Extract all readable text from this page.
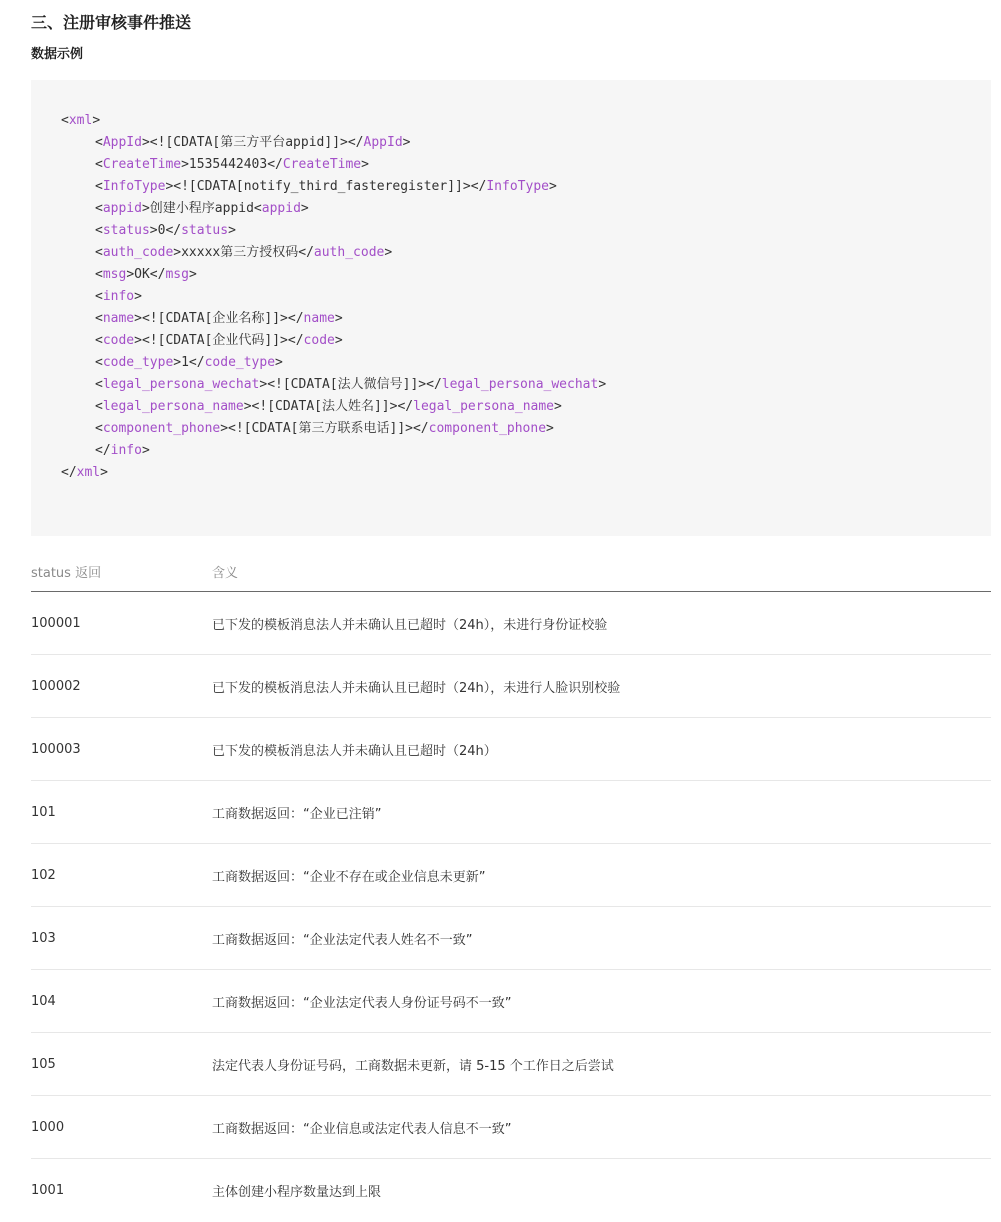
三、注册审核事件推送
数据示例
<xml>
<AppId><![CDATA[第三方平台appid]]></AppId>
<CreateTime>1535442403</CreateTime>
<InfoType><![CDATA[notify_third_fasteregister]]></InfoType>
<appid>创建小程序appid<appid>
<status>0</status>
<auth_code>xxxxx第三方授权码</auth_code>
<msg>OK</msg>
<info>
<name><![CDATA[企业名称]]></name>
<code><![CDATA[企业代码]]></code>
<code_type>1</code_type>
<legal_persona_wechat><![CDATA[法人微信号]]></legal_persona_wechat>
<legal_persona_name><![CDATA[法人姓名]]></legal_persona_name>
<component_phone><![CDATA[第三方联系电话]]></component_phone>
</info>
</xml>
status 返回	含义
100001	已下发的模板消息法人并未确认且已超时（24h），未进行身份证校验
100002	已下发的模板消息法人并未确认且已超时（24h），未进行人脸识别校验
100003	已下发的模板消息法人并未确认且已超时（24h）
101	工商数据返回：“企业已注销”
102	工商数据返回：“企业不存在或企业信息未更新”
103	工商数据返回：“企业法定代表人姓名不一致”
104	工商数据返回：“企业法定代表人身份证号码不一致”
105	法定代表人身份证号码，工商数据未更新，请 5-15 个工作日之后尝试
1000	工商数据返回：“企业信息或法定代表人信息不一致”
1001	主体创建小程序数量达到上限
